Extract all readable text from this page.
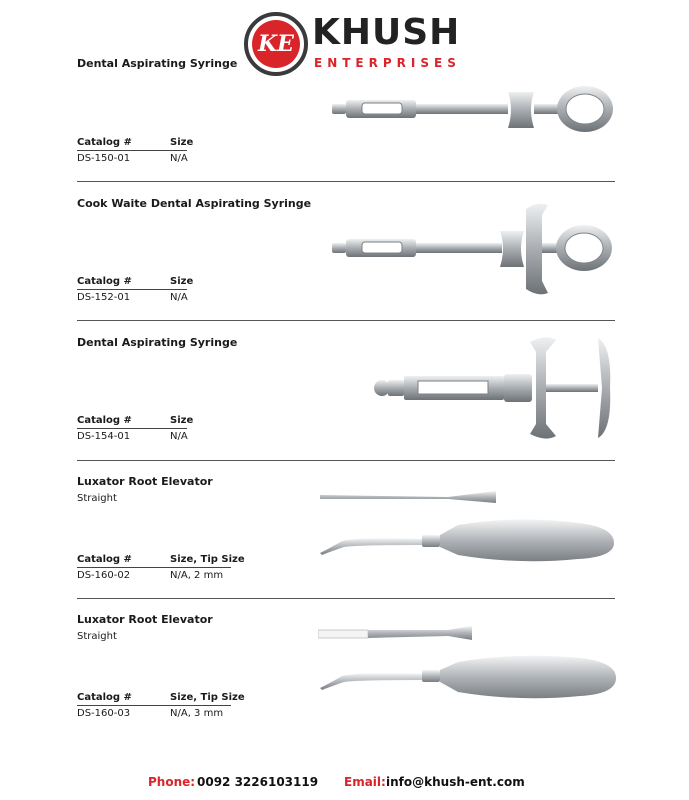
KE KHUSH
ENTERPRISES
Dental Aspirating Syringe
Catalog #	Size
DS-150-01	N/A
Cook Waite Dental Aspirating Syringe
Catalog #	Size
DS-152-01	N/A
Dental Aspirating Syringe
Catalog #	Size
DS-154-01	N/A
Luxator Root Elevator
Straight
Catalog #	Size, Tip Size
DS-160-02	N/A, 2 mm
Luxator Root Elevator
Straight
Catalog #	Size, Tip Size
DS-160-03	N/A, 3 mm
Phone: 0092 3226103119 Email: info@khush-ent.com
